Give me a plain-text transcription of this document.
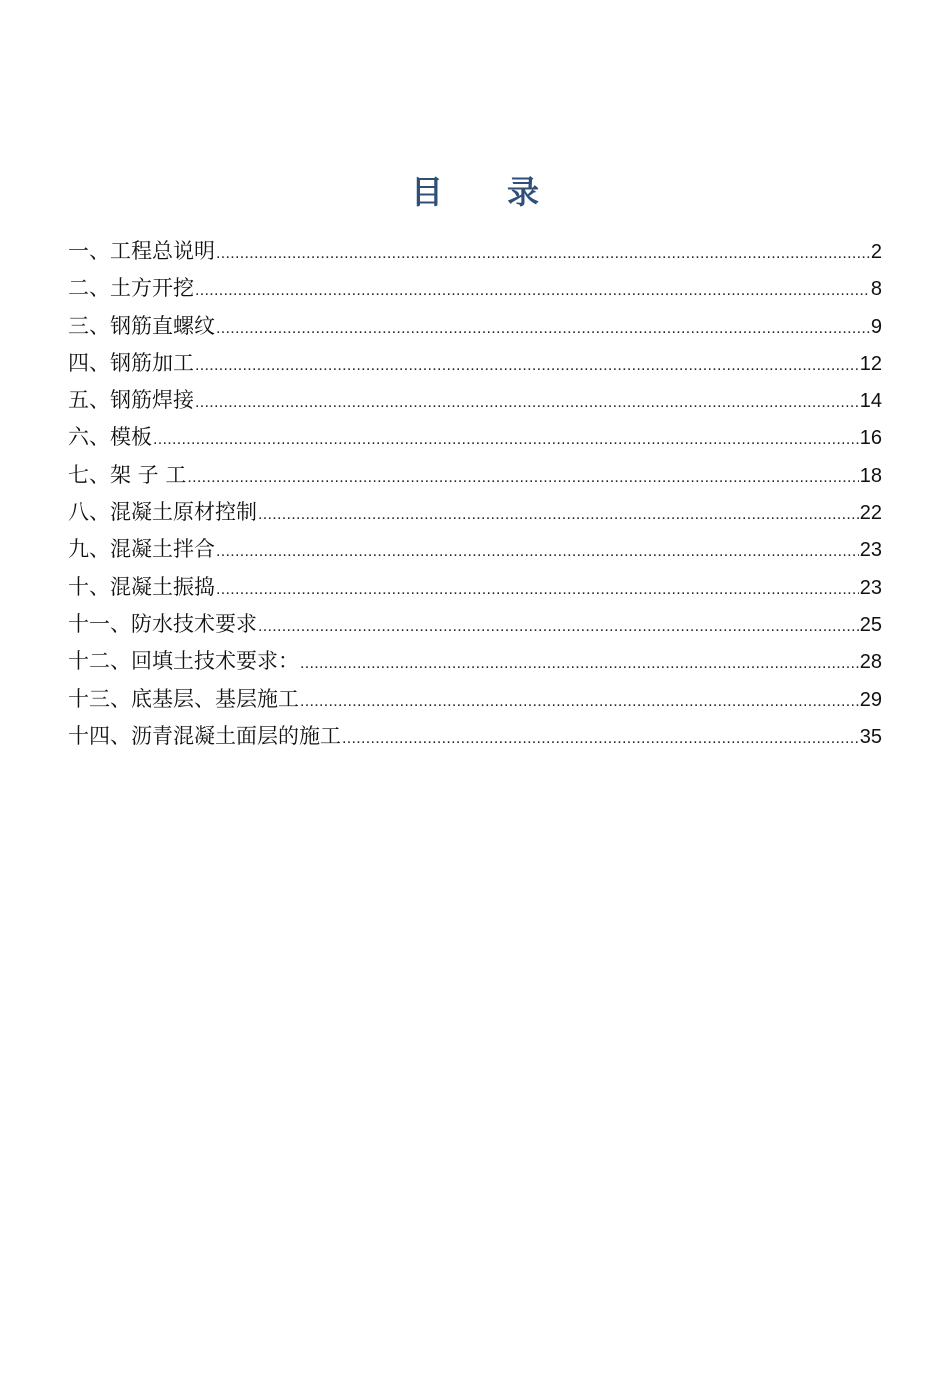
目　　录
一、工程总说明 .....	2
二、土方开挖 .....	8
三、钢筋直螺纹 .....	9
四、钢筋加工 .....	12
五、钢筋焊接 .....	14
六、模板 .....	16
七、架 子 工 .....	18
八、混凝土原材控制 .....	22
九、混凝土拌合 .....	23
十、混凝土振捣 .....	23
十一、防水技术要求 .....	25
十二、回填土技术要求： .....	28
十三、底基层、基层施工 .....	29
十四、沥青混凝土面层的施工 .....	35
